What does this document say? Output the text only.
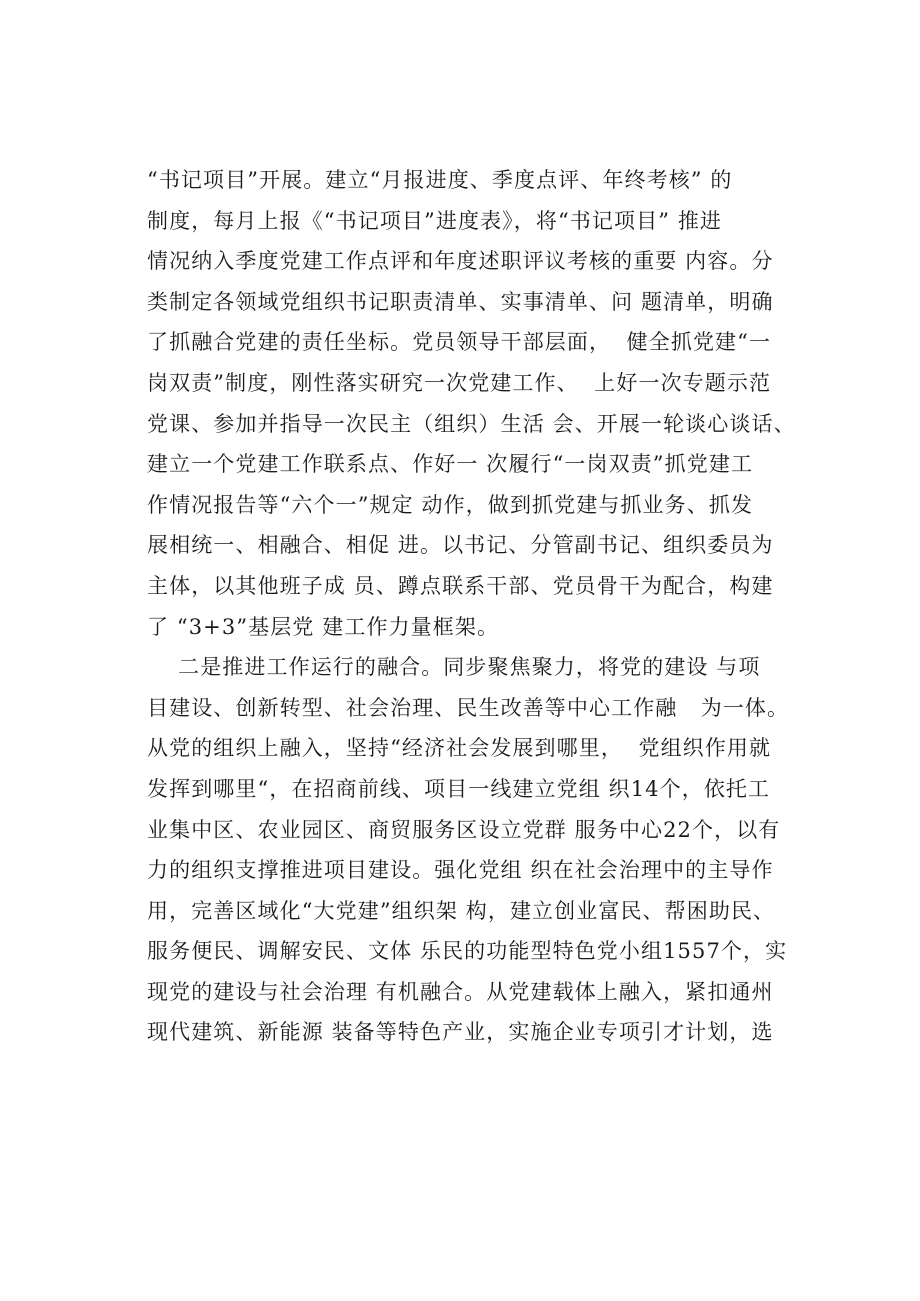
“书记项目”开展。建立“月报进度、季度点评、年终考核” 的
制度，每月上报《“书记项目”进度表》，将“书记项目” 推进
情况纳入季度党建工作点评和年度述职评议考核的重要 内容。分
类制定各领域党组织书记职责清单、实事清单、问 题清单，明确
了抓融合党建的责任坐标。党员领导干部层面，  健全抓党建“一
岗双责”制度，刚性落实研究一次党建工作、  上好一次专题示范
党课、参加并指导一次民主（组织）生活 会、开展一轮谈心谈话、
建立一个党建工作联系点、作好一 次履行“一岗双责”抓党建工
作情况报告等“六个一”规定 动作，做到抓党建与抓业务、抓发
展相统一、相融合、相促 进。以书记、分管副书记、组织委员为
主体，以其他班子成 员、蹲点联系干部、党员骨干为配合，构建
了 “3+3”基层党 建工作力量框架。
二是推进工作运行的融合。同步聚焦聚力，将党的建设 与项
目建设、创新转型、社会治理、民生改善等中心工作融   为一体。
从党的组织上融入，坚持“经济社会发展到哪里，  党组织作用就
发挥到哪里“，在招商前线、项目一线建立党组 织14个，依托工
业集中区、农业园区、商贸服务区设立党群 服务中心22个，以有
力的组织支撑推进项目建设。强化党组 织在社会治理中的主导作
用，完善区域化“大党建”组织架 构，建立创业富民、帮困助民、
服务便民、调解安民、文体 乐民的功能型特色党小组1557个，实
现党的建设与社会治理 有机融合。从党建载体上融入，紧扣通州
现代建筑、新能源 装备等特色产业，实施企业专项引才计划，选
